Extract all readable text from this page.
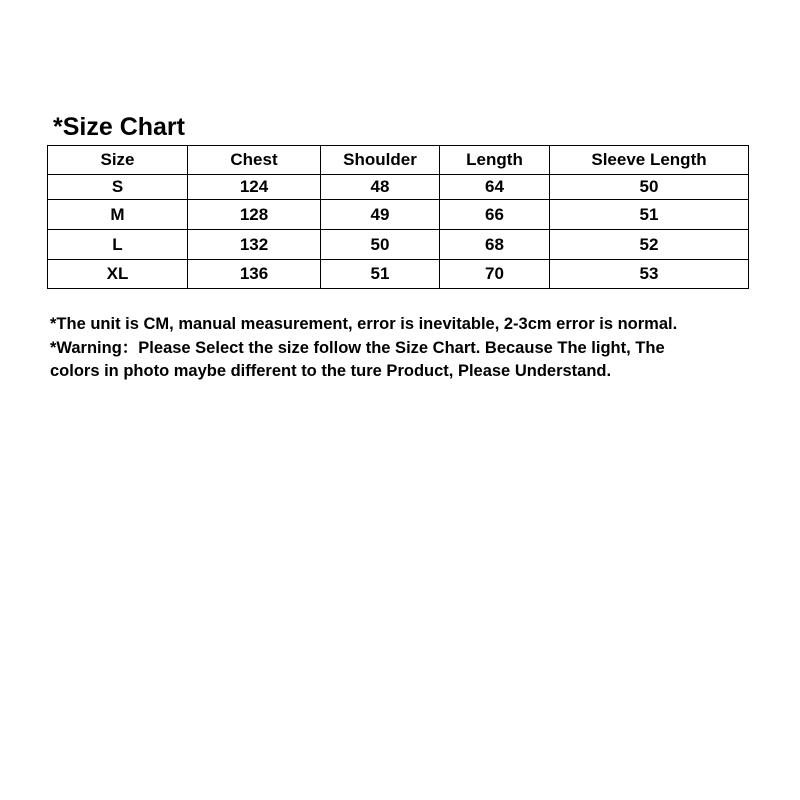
*Size Chart
Size	Chest	Shoulder	Length	Sleeve Length
S	124	48	64	50
M	128	49	66	51
L	132	50	68	52
XL	136	51	70	53

*The unit is CM, manual measurement, error is inevitable, 2-3cm error is normal.

*Warning：Please Select the size follow the Size Chart. Because The light, The

colors in photo maybe different to the ture Product, Please Understand.
